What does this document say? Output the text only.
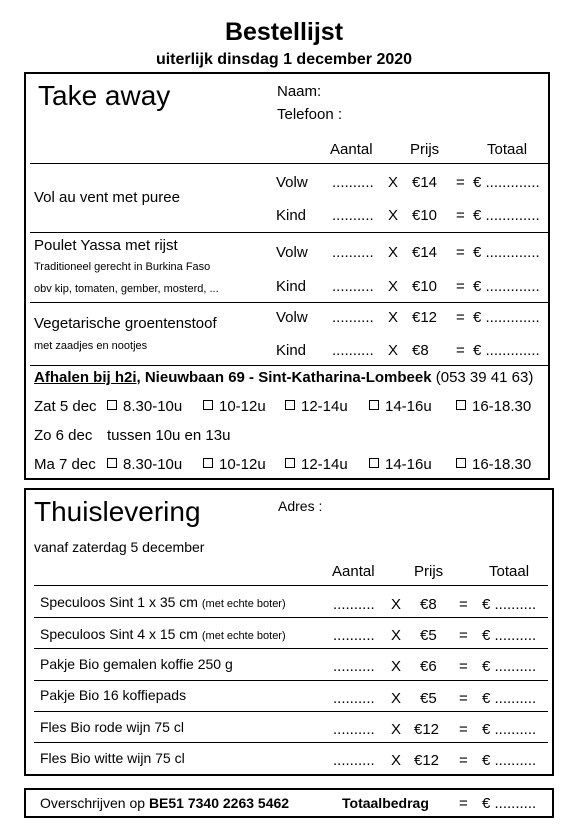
Bestellijst
uiterlijk dinsdag 1 december 2020
Take away	Naam:
Telefoon :
Aantal Prijs	Totaal
Vol au vent met puree
Volw .......... X €14 = € .............
Kind .......... X €10 = € .............
Poulet Yassa met rijst
Traditioneel gerecht in Burkina Faso
obv kip, tomaten, gember, mosterd, ...
Volw .......... X €14 = € .............
Kind .......... X €10 = € .............
Vegetarische groentenstoof
met zaadjes en nootjes
Volw .......... X €12 = € .............
Kind .......... X €8 = € .............
Afhalen bij h2i, Nieuwbaan 69 - Sint-Katharina-Lombeek (053 39 41 63)
Zat 5 dec	8.30-10u	10-12u	12-14u	14-16u	16-18.30
Zo 6 dec tussen 10u en 13u
Ma 7 dec	8.30-10u	10-12u	12-14u	14-16u	16-18.30
Thuislevering	Adres :
vanaf zaterdag 5 december
Aantal	Prijs	Totaal
Speculoos Sint 1 x 35 cm (met echte boter)	.......... X €8 = € ..........
Speculoos Sint 4 x 15 cm (met echte boter)	.......... X €5 = € ..........
Pakje Bio gemalen koffie 250 g	.......... X €6 = € ..........
Pakje Bio 16 koffiepads	.......... X €5 = € ..........
Fles Bio rode wijn 75 cl	.......... X €12 = € ..........
Fles Bio witte wijn 75 cl	.......... X €12 = € ..........
Overschrijven op BE51 7340 2263 5462	Totaalbedrag = € ..........
